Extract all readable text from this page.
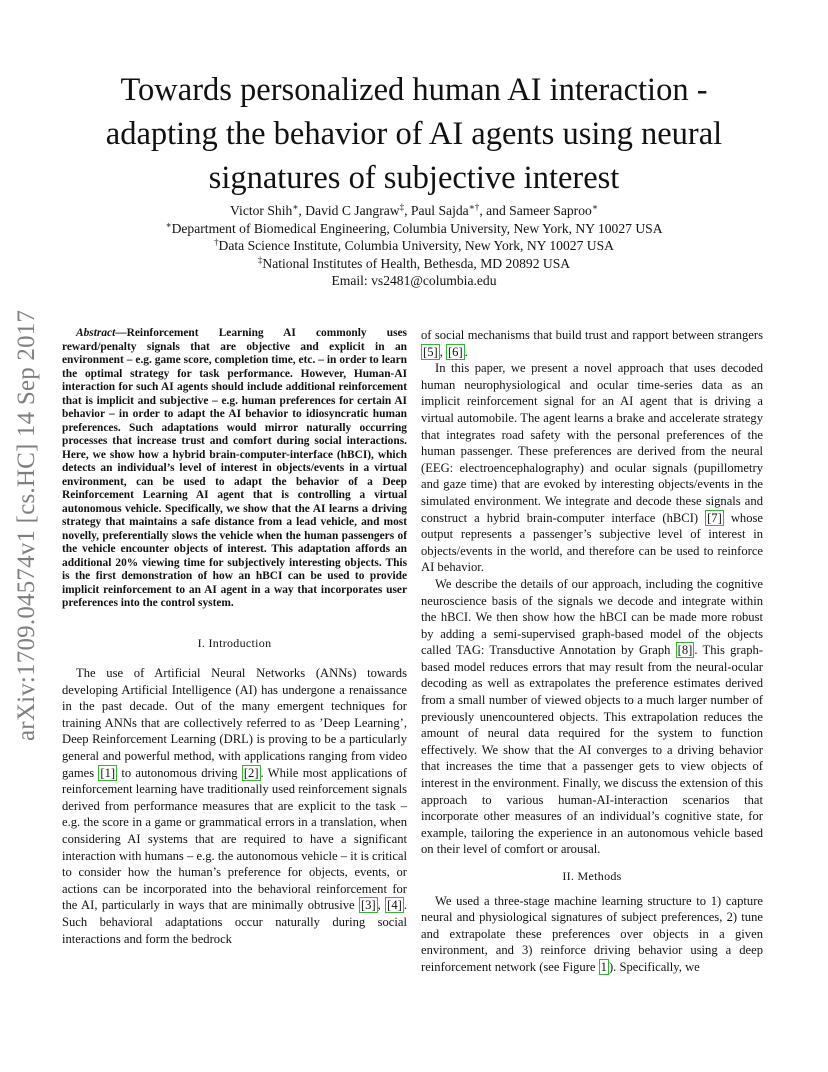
arXiv:1709.04574v1 [cs.HC] 14 Sep 2017
Towards personalized human AI interaction -
adapting the behavior of AI agents using neural
signatures of subjective interest
Victor Shih∗, David C Jangraw‡, Paul Sajda∗†, and Sameer Saproo∗
∗Department of Biomedical Engineering, Columbia University, New York, NY 10027 USA
†Data Science Institute, Columbia University, New York, NY 10027 USA
‡National Institutes of Health, Bethesda, MD 20892 USA
Email: vs2481@columbia.edu

Abstract—Reinforcement Learning AI commonly uses reward/penalty signals that are objective and explicit in an environment – e.g. game score, completion time, etc. – in order to learn the optimal strategy for task performance. However, Human-AI interaction for such AI agents should include additional reinforcement that is implicit and subjective – e.g. human preferences for certain AI behavior – in order to adapt the AI behavior to idiosyncratic human preferences. Such adaptations would mirror naturally occurring processes that increase trust and comfort during social interactions. Here, we show how a hybrid brain-computer-interface (hBCI), which detects an individual’s level of interest in objects/events in a virtual environment, can be used to adapt the behavior of a Deep Reinforcement Learning AI agent that is controlling a virtual autonomous vehicle. Specifically, we show that the AI learns a driving strategy that maintains a safe distance from a lead vehicle, and most novelly, preferentially slows the vehicle when the human passengers of the vehicle encounter objects of interest. This adaptation affords an additional 20% viewing time for subjectively interesting objects. This is the first demonstration of how an hBCI can be used to provide implicit reinforcement to an AI agent in a way that incorporates user preferences into the control system.

I. Introduction

The use of Artificial Neural Networks (ANNs) towards developing Artificial Intelligence (AI) has undergone a renaissance in the past decade. Out of the many emergent techniques for training ANNs that are collectively referred to as ’Deep Learning’, Deep Reinforcement Learning (DRL) is proving to be a particularly general and powerful method, with applications ranging from video games [1] to autonomous driving [2] . While most applications of reinforcement learning have traditionally used reinforcement signals derived from performance measures that are explicit to the task – e.g. the score in a game or grammatical errors in a translation, when considering AI systems that are required to have a significant interaction with humans – e.g. the autonomous vehicle – it is critical to consider how the human’s preference for objects, events, or actions can be incorporated into the behavioral reinforcement for the AI, particularly in ways that are minimally obtrusive [3] , [4] . Such behavioral adaptations occur naturally during social interactions and form the bedrock

of social mechanisms that build trust and rapport between strangers [5] , [6] .

In this paper, we present a novel approach that uses decoded human neurophysiological and ocular time-series data as an implicit reinforcement signal for an AI agent that is driving a virtual automobile. The agent learns a brake and accelerate strategy that integrates road safety with the personal preferences of the human passenger. These preferences are derived from the neural (EEG: electroencephalography) and ocular signals (pupillometry and gaze time) that are evoked by interesting objects/events in the simulated environment. We integrate and decode these signals and construct a hybrid brain-computer interface (hBCI) [7] whose output represents a passenger’s subjective level of interest in objects/events in the world, and therefore can be used to reinforce AI behavior.

We describe the details of our approach, including the cognitive neuroscience basis of the signals we decode and integrate within the hBCI. We then show how the hBCI can be made more robust by adding a semi-supervised graph-based model of the objects called TAG: Transductive Annotation by Graph [8] . This graph-based model reduces errors that may result from the neural-ocular decoding as well as extrapolates the preference estimates derived from a small number of viewed objects to a much larger number of previously unencountered objects. This extrapolation reduces the amount of neural data required for the system to function effectively. We show that the AI converges to a driving behavior that increases the time that a passenger gets to view objects of interest in the environment. Finally, we discuss the extension of this approach to various human-AI-interaction scenarios that incorporate other measures of an individual’s cognitive state, for example, tailoring the experience in an autonomous vehicle based on their level of comfort or arousal.

II. Methods

We used a three-stage machine learning structure to 1) capture neural and physiological signatures of subject preferences, 2) tune and extrapolate these preferences over objects in a given environment, and 3) reinforce driving behavior using a deep reinforcement network (see Figure 1 ). Specifically, we
